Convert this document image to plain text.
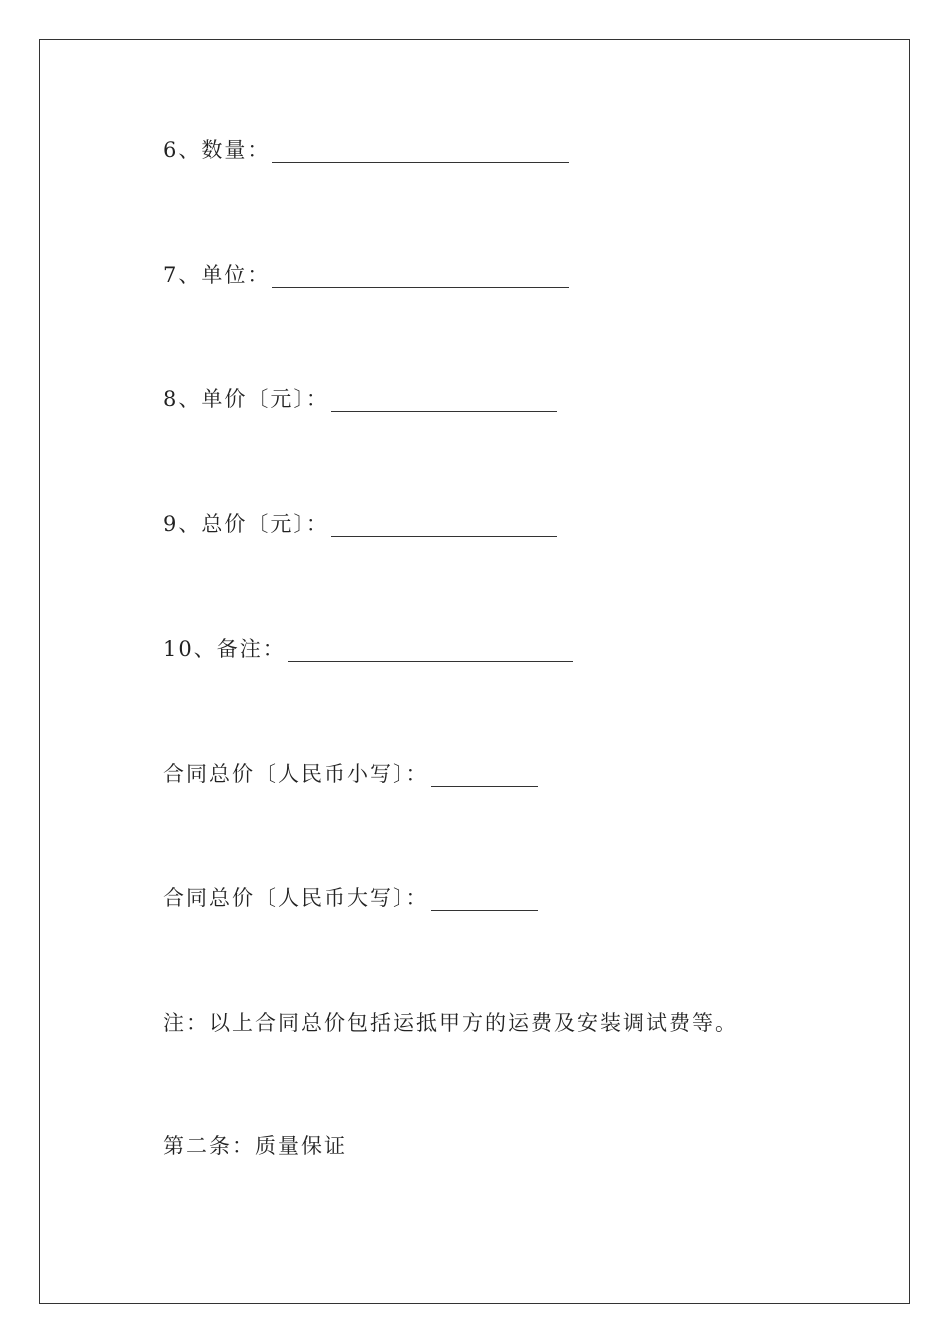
6、数量：
7、单位：
8、单价〔元〕：
9、总价〔元〕：
10、备注：
合同总价〔人民币小写〕：
合同总价〔人民币大写〕：
注：以上合同总价包括运抵甲方的运费及安装调试费等。
第二条：质量保证
